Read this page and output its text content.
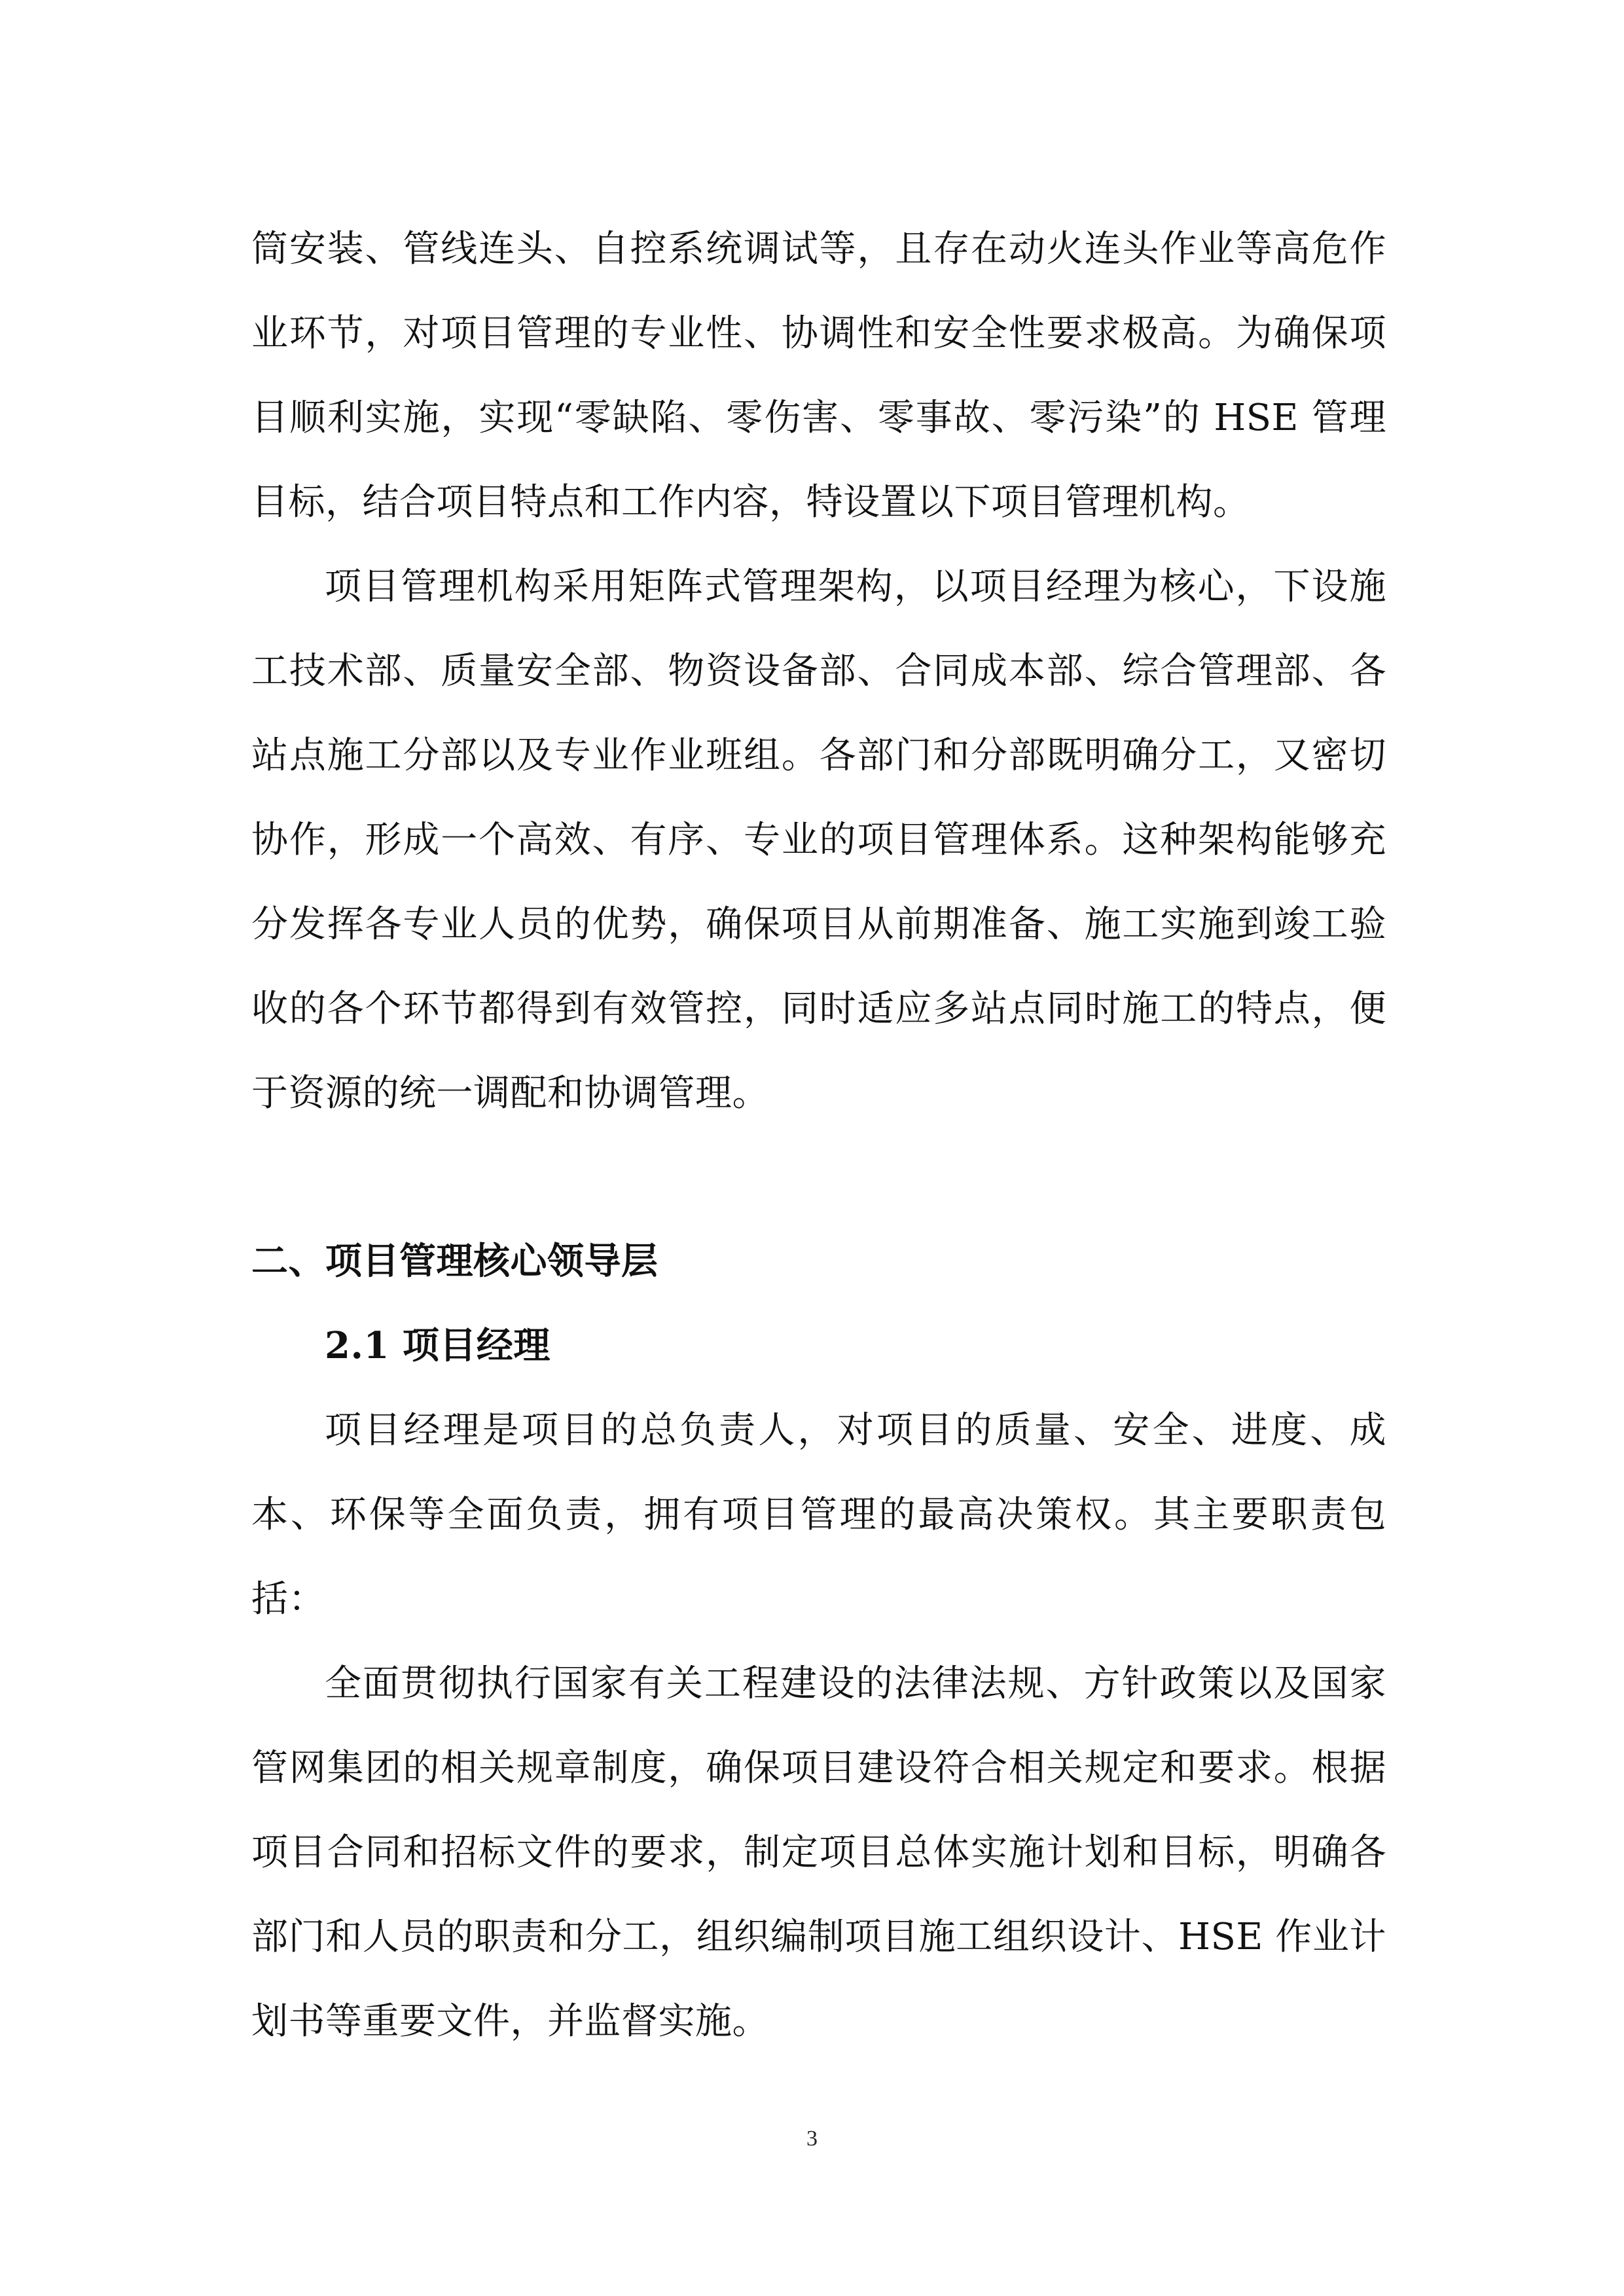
筒安装、管线连头、自控系统调试等，且存在动火连头作业等高危作业环节，对项目管理的专业性、协调性和安全性要求极高。为确保项目顺利实施，实现“零缺陷、零伤害、零事故、零污染”的 HSE 管理目标，结合项目特点和工作内容，特设置以下项目管理机构。

项目管理机构采用矩阵式管理架构，以项目经理为核心，下设施工技术部、质量安全部、物资设备部、合同成本部、综合管理部、各站点施工分部以及专业作业班组。各部门和分部既明确分工，又密切协作，形成一个高效、有序、专业的项目管理体系。这种架构能够充分发挥各专业人员的优势，确保项目从前期准备、施工实施到竣工验收的各个环节都得到有效管控，同时适应多站点同时施工的特点，便于资源的统一调配和协调管理。

二、项目管理核心领导层
2.1 项目经理

项目经理是项目的总负责人，对项目的质量、安全、进度、成本、环保等全面负责，拥有项目管理的最高决策权。其主要职责包括：

全面贯彻执行国家有关工程建设的法律法规、方针政策以及国家管网集团的相关规章制度，确保项目建设符合相关规定和要求。根据项目合同和招标文件的要求，制定项目总体实施计划和目标，明确各部门和人员的职责和分工，组织编制项目施工组织设计、HSE 作业计划书等重要文件，并监督实施。

3
